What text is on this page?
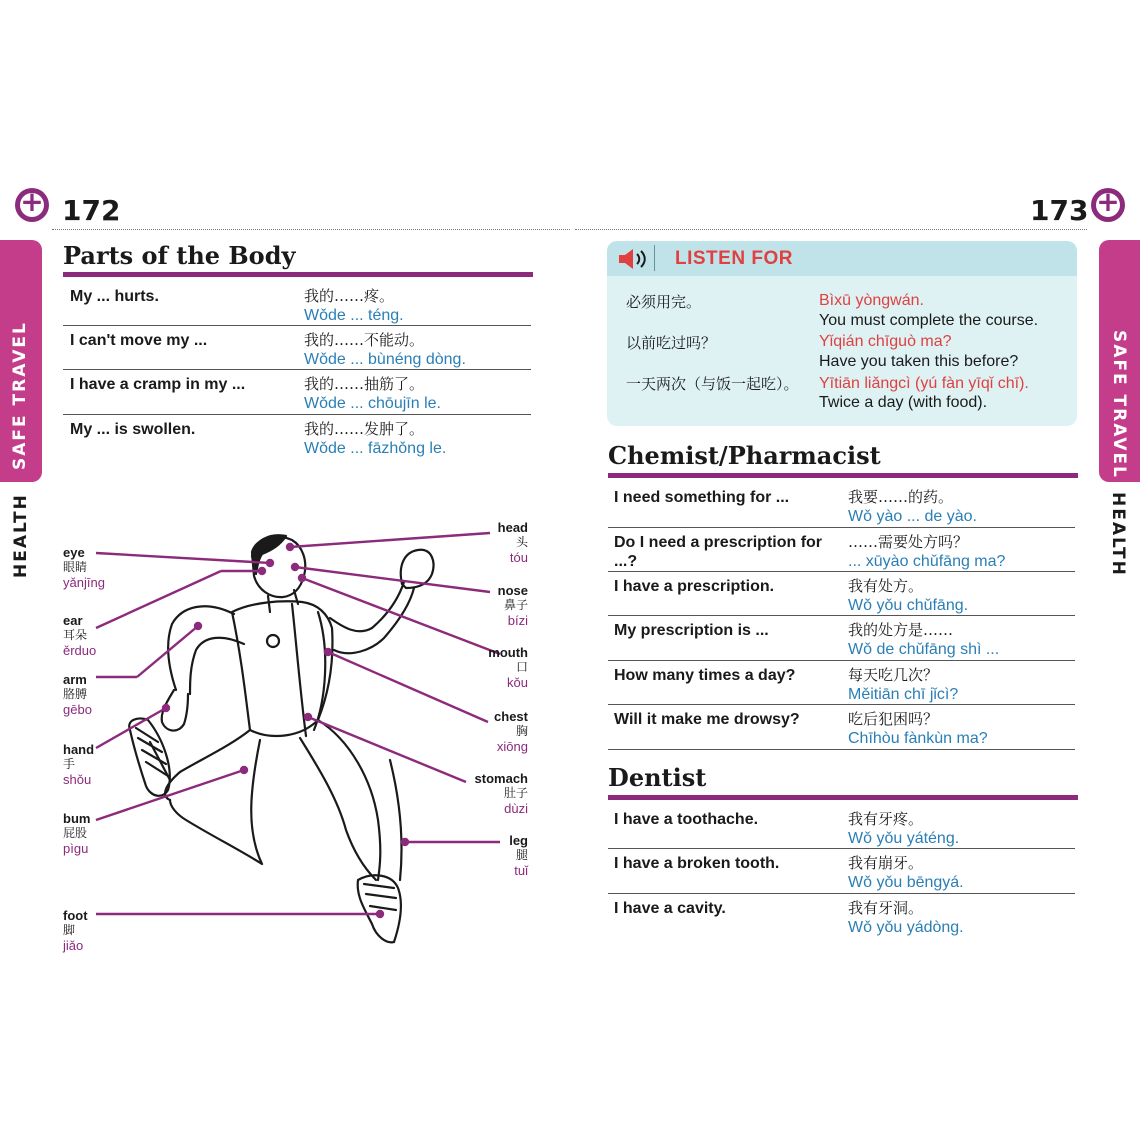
+
172
SAFE TRAVEL
HEALTH
Parts of the Body
My ... hurts.	我的……疼。
Wǒde ... téng.
I can't move my ...	我的……不能动。
Wǒde ... bùnéng dòng.
I have a cramp in my ...	我的……抽筋了。
Wǒde ... chōujīn le.
My ... is swollen.	我的……发肿了。
Wǒde ... fāzhǒng le.
eye
眼睛
yǎnjīng
ear
耳朵
ěrduo
arm
胳膊
gēbo
hand
手
shǒu
bum
屁股
pìgu
foot
脚
jiǎo
head
头
tóu
nose
鼻子
bízi
mouth
口
kǒu
chest
胸
xiōng
stomach
肚子
dùzi
leg
腿
tuǐ
173
+
SAFE TRAVEL
HEALTH
LISTEN FOR
必须用完。	Bìxū yòngwán.
You must complete the course.
以前吃过吗？	Yǐqián chīguò ma?
Have you taken this before?
一天两次（与饭一起吃）。 Yītiān liǎngcì (yú fàn yīqǐ chī).
Twice a day (with food).
Chemist/Pharmacist
I need something for ...	我要……的药。
Wǒ yào ... de yào.
Do I need a prescription for ...?
……需要处方吗？
... xūyào chǔfāng ma?
I have a prescription.	我有处方。
Wǒ yǒu chǔfāng.
My prescription is ...	我的处方是……
Wǒ de chǔfāng shì ...
How many times a day?	每天吃几次？
Měitiān chī jǐcì?
Will it make me drowsy?	吃后犯困吗？
Chīhòu fànkùn ma?
Dentist
I have a toothache.	我有牙疼。
Wǒ yǒu yáténg.
I have a broken tooth.	我有崩牙。
Wǒ yǒu bēngyá.
I have a cavity.	我有牙洞。
Wǒ yǒu yádòng.
